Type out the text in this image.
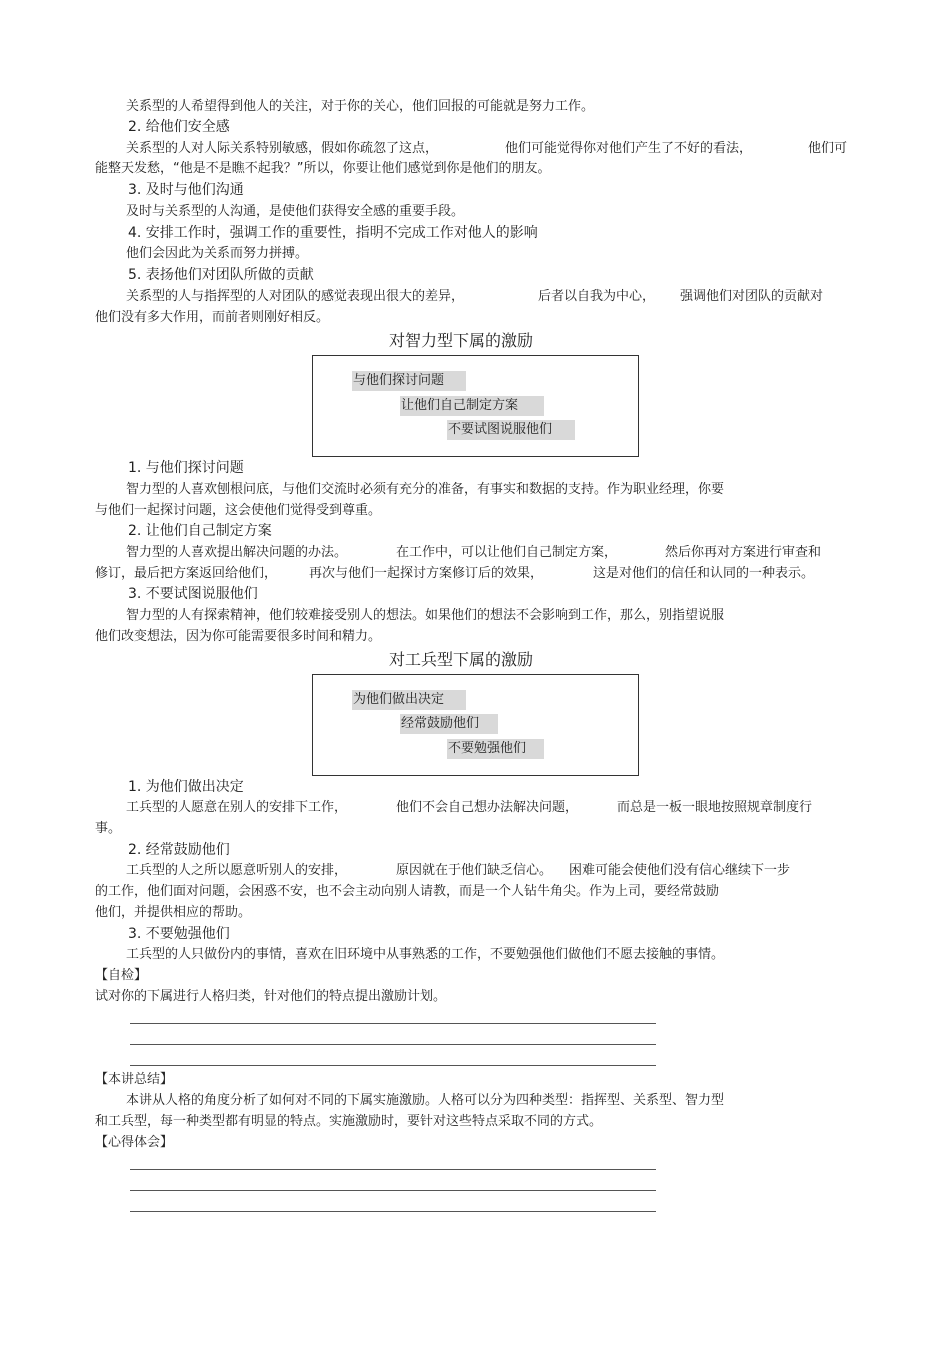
关系型的人希望得到他人的关注，对于你的关心，他们回报的可能就是努力工作。
2. 给他们安全感
关系型的人对人际关系特别敏感，假如你疏忽了这点，	他们可能觉得你对他们产生了不好的看法，	他们可
能整天发愁，“他是不是瞧不起我？”所以，你要让他们感觉到你是他们的朋友。
3. 及时与他们沟通
及时与关系型的人沟通，是使他们获得安全感的重要手段。
4. 安排工作时，强调工作的重要性，指明不完成工作对他人的影响
他们会因此为关系而努力拼搏。
5. 表扬他们对团队所做的贡献
关系型的人与指挥型的人对团队的感觉表现出很大的差异，	后者以自我为中心， 强调他们对团队的贡献对
他们没有多大作用，而前者则刚好相反。
对智力型下属的激励
与他们探讨问题
让他们自己制定方案
不要试图说服他们
1. 与他们探讨问题
智力型的人喜欢刨根问底，与他们交流时必须有充分的准备，有事实和数据的支持。作为职业经理，你要
与他们一起探讨问题，这会使他们觉得受到尊重。
2. 让他们自己制定方案
智力型的人喜欢提出解决问题的办法。	在工作中，可以让他们自己制定方案，	然后你再对方案进行审查和
修订，最后把方案返回给他们， 再次与他们一起探讨方案修订后的效果，	这是对他们的信任和认同的一种表示。
3. 不要试图说服他们
智力型的人有探索精神，他们较难接受别人的想法。如果他们的想法不会影响到工作，那么，别指望说服
他们改变想法，因为你可能需要很多时间和精力。
对工兵型下属的激励
为他们做出决定
经常鼓励他们
不要勉强他们
1. 为他们做出决定
工兵型的人愿意在别人的安排下工作，	他们不会自己想办法解决问题，	而总是一板一眼地按照规章制度行
事。
2. 经常鼓励他们
工兵型的人之所以愿意听别人的安排，	原因就在于他们缺乏信心。 困难可能会使他们没有信心继续下一步
的工作，他们面对问题，会困惑不安，也不会主动向别人请教，而是一个人钻牛角尖。作为上司，要经常鼓励
他们，并提供相应的帮助。
3. 不要勉强他们
工兵型的人只做份内的事情，喜欢在旧环境中从事熟悉的工作，不要勉强他们做他们不愿去接触的事情。
【自检】
试对你的下属进行人格归类，针对他们的特点提出激励计划。
【本讲总结】
本讲从人格的角度分析了如何对不同的下属实施激励。人格可以分为四种类型：指挥型、关系型、智力型
和工兵型，每一种类型都有明显的特点。实施激励时，要针对这些特点采取不同的方式。
【心得体会】
